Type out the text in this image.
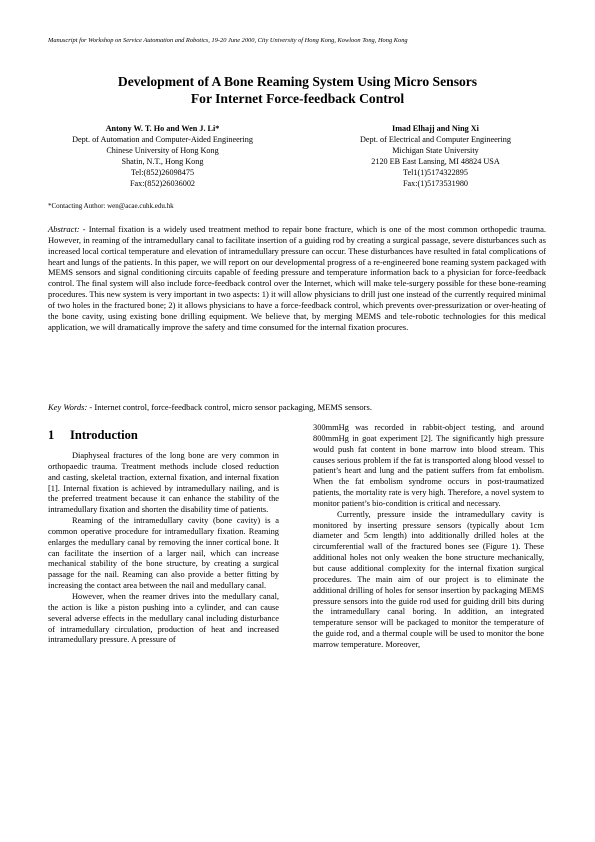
Manuscript for Workshop on Service Automation and Robotics, 19-20 June 2000, City University of Hong Kong, Kowloon Tong, Hong Kong
Development of A Bone Reaming System Using Micro Sensors
For Internet Force-feedback Control
Antony W. T. Ho and Wen J. Li*
Dept. of Automation and Computer-Aided Engineering
Chinese University of Hong Kong
Shatin, N.T., Hong Kong
Tel:(852)26098475
Fax:(852)26036002
Imad Elhajj and Ning Xi
Dept. of Electrical and Computer Engineering
Michigan State University
2120 EB East Lansing, MI 48824 USA
Tel1(1)5174322895
Fax:(1)5173531980
*Contacting Author: wen@acae.cuhk.edu.hk
Abstract: - Internal fixation is a widely used treatment method to repair bone fracture, which is one of the most common orthopedic trauma. However, in reaming of the intramedullary canal to facilitate insertion of a guiding rod by creating a surgical passage, severe disturbances such as increased local cortical temperature and elevation of intramedullary pressure can occur. These disturbances have resulted in fatal complications of heart and lungs of the patients. In this paper, we will report on our developmental progress of a re-engineered bone reaming system packaged with MEMS sensors and signal conditioning circuits capable of feeding pressure and temperature information back to a physician for force-feedback control. The final system will also include force-feedback control over the Internet, which will make tele-surgery possible for these bone-reaming procedures. This new system is very important in two aspects: 1) it will allow physicians to drill just one instead of the currently required minimal of two holes in the fractured bone; 2) it allows physicians to have a force-feedback control, which prevents over-pressurization or over-heating of the bone cavity, using existing bone drilling equipment. We believe that, by merging MEMS and tele-robotic technologies for this medical application, we will dramatically improve the safety and time consumed for the internal fixation procures.
Key Words: - Internet control, force-feedback control, micro sensor packaging, MEMS sensors.
1 Introduction

Diaphyseal fractures of the long bone are very common in orthopaedic trauma. Treatment methods include closed reduction and casting, skeletal traction, external fixation, and internal fixation [1]. Internal fixation is achieved by intramedullary nailing, and is the preferred treatment because it can enhance the stability of the intramedullary fixation and shorten the disability time of patients.

Reaming of the intramedullary cavity (bone cavity) is a common operative procedure for intramedullary fixation. Reaming enlarges the medullary canal by removing the inner cortical bone. It can facilitate the insertion of a larger nail, which can increase mechanical stability of the bone structure, by creating a surgical passage for the nail. Reaming can also provide a better fitting by increasing the contact area between the nail and medullary canal.

However, when the reamer drives into the medullary canal, the action is like a piston pushing into a cylinder, and can cause several adverse effects in the medullary canal including disturbance of intramedullary circulation, production of heat and increased intramedullary pressure. A pressure of

300mmHg was recorded in rabbit-object testing, and around 800mmHg in goat experiment [2]. The significantly high pressure would push fat content in bone marrow into blood stream. This causes serious problem if the fat is transported along blood vessel to patient’s heart and lung and the patient suffers from fat embolism. When the fat embolism syndrome occurs in post-traumatized patients, the mortality rate is very high. Therefore, a novel system to monitor patient’s bio-condition is critical and necessary.

Currently, pressure inside the intramedullary cavity is monitored by inserting pressure sensors (typically about 1cm diameter and 5cm length) into additionally drilled holes at the circumferential wall of the fractured bones see (Figure 1). These additional holes not only weaken the bone structure mechanically, but cause additional complexity for the internal fixation surgical procedures. The main aim of our project is to eliminate the additional drilling of holes for sensor insertion by packaging MEMS pressure sensors into the guide rod used for guiding drill bits during the intramedullary canal boring. In addition, an integrated temperature sensor will be packaged to monitor the temperature of the guide rod, and a thermal couple will be used to monitor the bone marrow temperature. Moreover,
